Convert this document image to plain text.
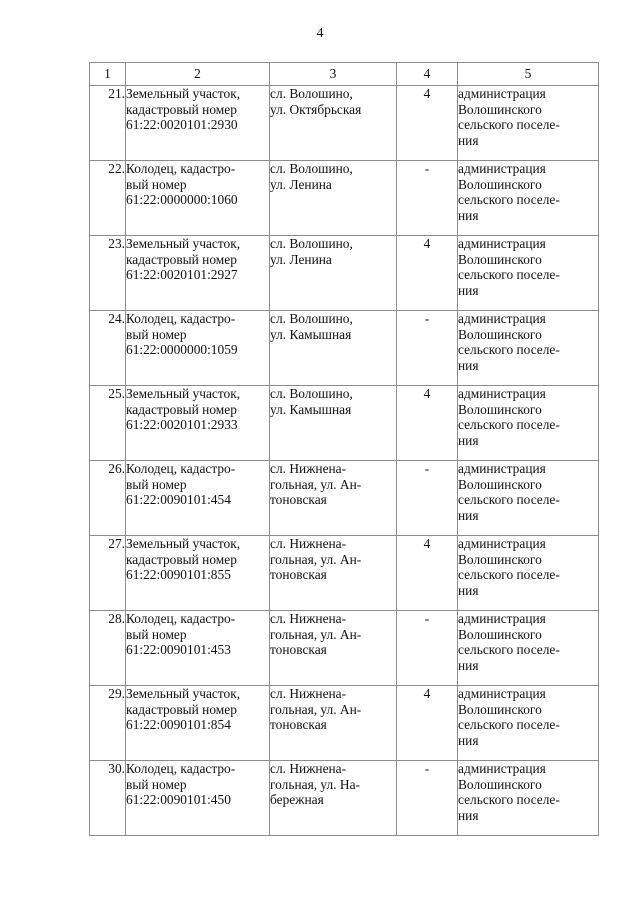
4
1	2	3	4	5
21.	Земельный участок,
кадастровый номер
61:22:0020101:2930	сл. Волошино,
ул. Октябрьская	4	администрация
Волошинского
сельского поселе-
ния

22.	Колодец, кадастро-
вый номер
61:22:0000000:1060	сл. Волошино,
ул. Ленина	-	администрация
Волошинского
сельского поселе-
ния

23.	Земельный участок,
кадастровый номер
61:22:0020101:2927	сл. Волошино,
ул. Ленина	4	администрация
Волошинского
сельского поселе-
ния

24.	Колодец, кадастро-
вый номер
61:22:0000000:1059	сл. Волошино,
ул. Камышная	-	администрация
Волошинского
сельского поселе-
ния

25.	Земельный участок,
кадастровый номер
61:22:0020101:2933	сл. Волошино,
ул. Камышная	4	администрация
Волошинского
сельского поселе-
ния

26.	Колодец, кадастро-
вый номер
61:22:0090101:454	сл. Нижнена-
гольная, ул. Ан-
тоновская	-	администрация
Волошинского
сельского поселе-
ния

27.	Земельный участок,
кадастровый номер
61:22:0090101:855	сл. Нижнена-
гольная, ул. Ан-
тоновская	4	администрация
Волошинского
сельского поселе-
ния

28.	Колодец, кадастро-
вый номер
61:22:0090101:453	сл. Нижнена-
гольная, ул. Ан-
тоновская	-	администрация
Волошинского
сельского поселе-
ния

29.	Земельный участок,
кадастровый номер
61:22:0090101:854	сл. Нижнена-
гольная, ул. Ан-
тоновская	4	администрация
Волошинского
сельского поселе-
ния

30.	Колодец, кадастро-
вый номер
61:22:0090101:450	сл. Нижнена-
гольная, ул. На-
бережная	-	администрация
Волошинского
сельского поселе-
ния
